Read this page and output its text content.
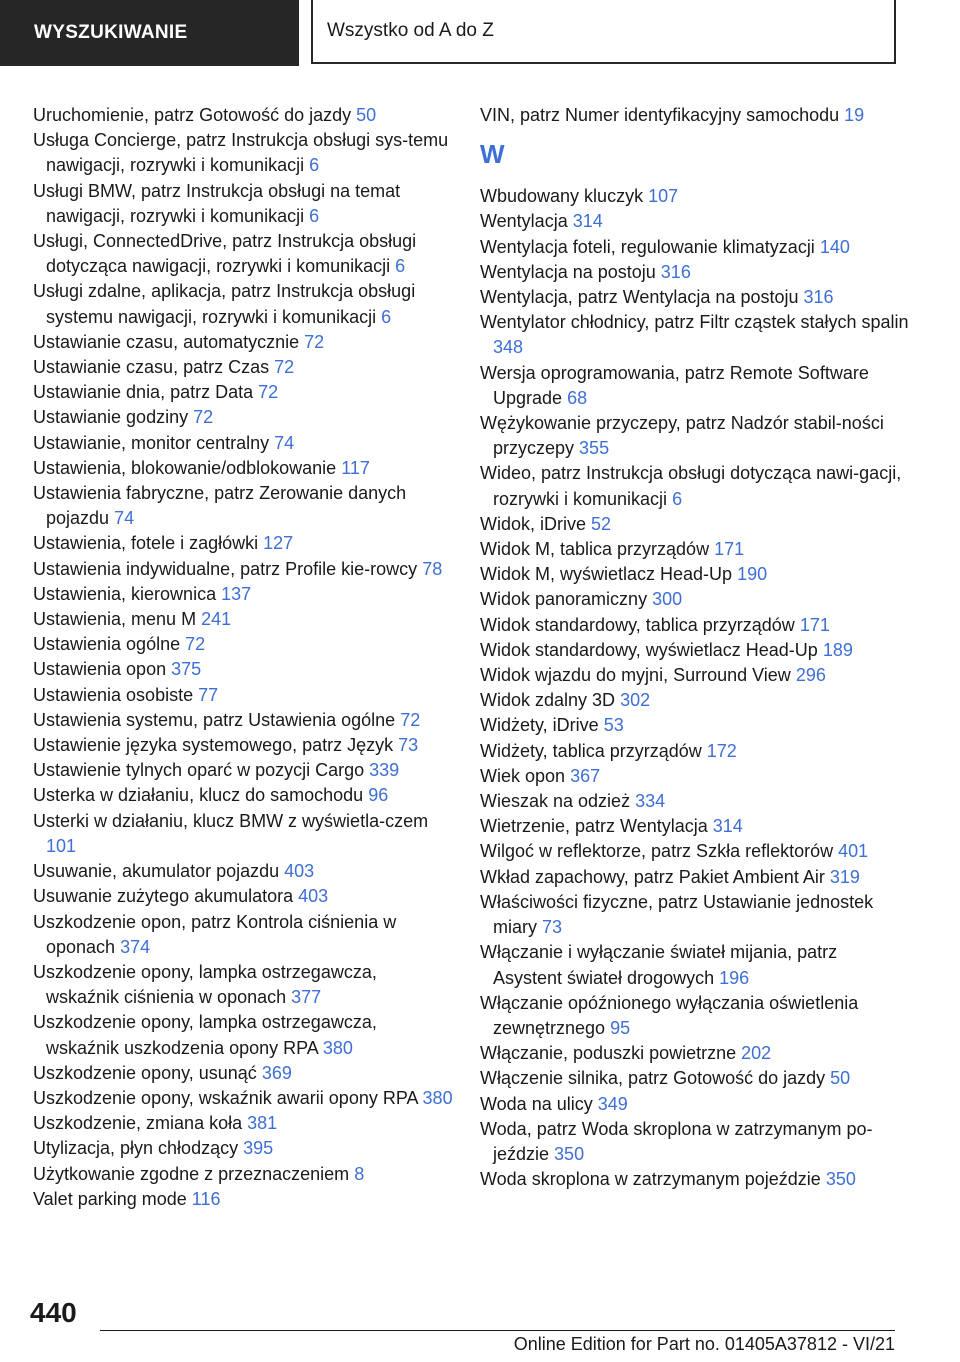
WYSZUKIWANIE	Wszystko od A do Z
Uruchomienie, patrz Gotowość do jazdy 50
Usługa Concierge, patrz Instrukcja obsługi sys-temu nawigacji, rozrywki i komunikacji 6
Usługi BMW, patrz Instrukcja obsługi na temat nawigacji, rozrywki i komunikacji 6
Usługi, ConnectedDrive, patrz Instrukcja obsługi dotycząca nawigacji, rozrywki i komunikacji 6
Usługi zdalne, aplikacja, patrz Instrukcja obsługi systemu nawigacji, rozrywki i komunikacji 6
Ustawianie czasu, automatycznie 72
Ustawianie czasu, patrz Czas 72
Ustawianie dnia, patrz Data 72
Ustawianie godziny 72
Ustawianie, monitor centralny 74
Ustawienia, blokowanie/odblokowanie 117
Ustawienia fabryczne, patrz Zerowanie danych pojazdu 74
Ustawienia, fotele i zagłówki 127
Ustawienia indywidualne, patrz Profile kie-rowcy 78
Ustawienia, kierownica 137
Ustawienia, menu M 241
Ustawienia ogólne 72
Ustawienia opon 375
Ustawienia osobiste 77
Ustawienia systemu, patrz Ustawienia ogólne 72
Ustawienie języka systemowego, patrz Język 73
Ustawienie tylnych oparć w pozycji Cargo 339
Usterka w działaniu, klucz do samochodu 96
Usterki w działaniu, klucz BMW z wyświetla-czem 101
Usuwanie, akumulator pojazdu 403
Usuwanie zużytego akumulatora 403
Uszkodzenie opon, patrz Kontrola ciśnienia w oponach 374
Uszkodzenie opony, lampka ostrzegawcza, wskaźnik ciśnienia w oponach 377
Uszkodzenie opony, lampka ostrzegawcza, wskaźnik uszkodzenia opony RPA 380
Uszkodzenie opony, usunąć 369
Uszkodzenie opony, wskaźnik awarii opony RPA 380
Uszkodzenie, zmiana koła 381
Utylizacja, płyn chłodzący 395
Użytkowanie zgodne z przeznaczeniem 8
Valet parking mode 116
VIN, patrz Numer identyfikacyjny samochodu 19
W
Wbudowany kluczyk 107
Wentylacja 314
Wentylacja foteli, regulowanie klimatyzacji 140
Wentylacja na postoju 316
Wentylacja, patrz Wentylacja na postoju 316
Wentylator chłodnicy, patrz Filtr cząstek stałych spalin 348
Wersja oprogramowania, patrz Remote Software Upgrade 68
Wężykowanie przyczepy, patrz Nadzór stabil-ności przyczepy 355
Wideo, patrz Instrukcja obsługi dotycząca nawi-gacji, rozrywki i komunikacji 6
Widok, iDrive 52
Widok M, tablica przyrządów 171
Widok M, wyświetlacz Head-Up 190
Widok panoramiczny 300
Widok standardowy, tablica przyrządów 171
Widok standardowy, wyświetlacz Head-Up 189
Widok wjazdu do myjni, Surround View 296
Widok zdalny 3D 302
Widżety, iDrive 53
Widżety, tablica przyrządów 172
Wiek opon 367
Wieszak na odzież 334
Wietrzenie, patrz Wentylacja 314
Wilgoć w reflektorze, patrz Szkła reflektorów 401
Wkład zapachowy, patrz Pakiet Ambient Air 319
Właściwości fizyczne, patrz Ustawianie jednostek miary 73
Włączanie i wyłączanie świateł mijania, patrz Asystent świateł drogowych 196
Włączanie opóźnionego wyłączania oświetlenia zewnętrznego 95
Włączanie, poduszki powietrzne 202
Włączenie silnika, patrz Gotowość do jazdy 50
Woda na ulicy 349
Woda, patrz Woda skroplona w zatrzymanym po-jeździe 350
Woda skroplona w zatrzymanym pojeździe 350
440
Online Edition for Part no. 01405A37812 - VI/21
